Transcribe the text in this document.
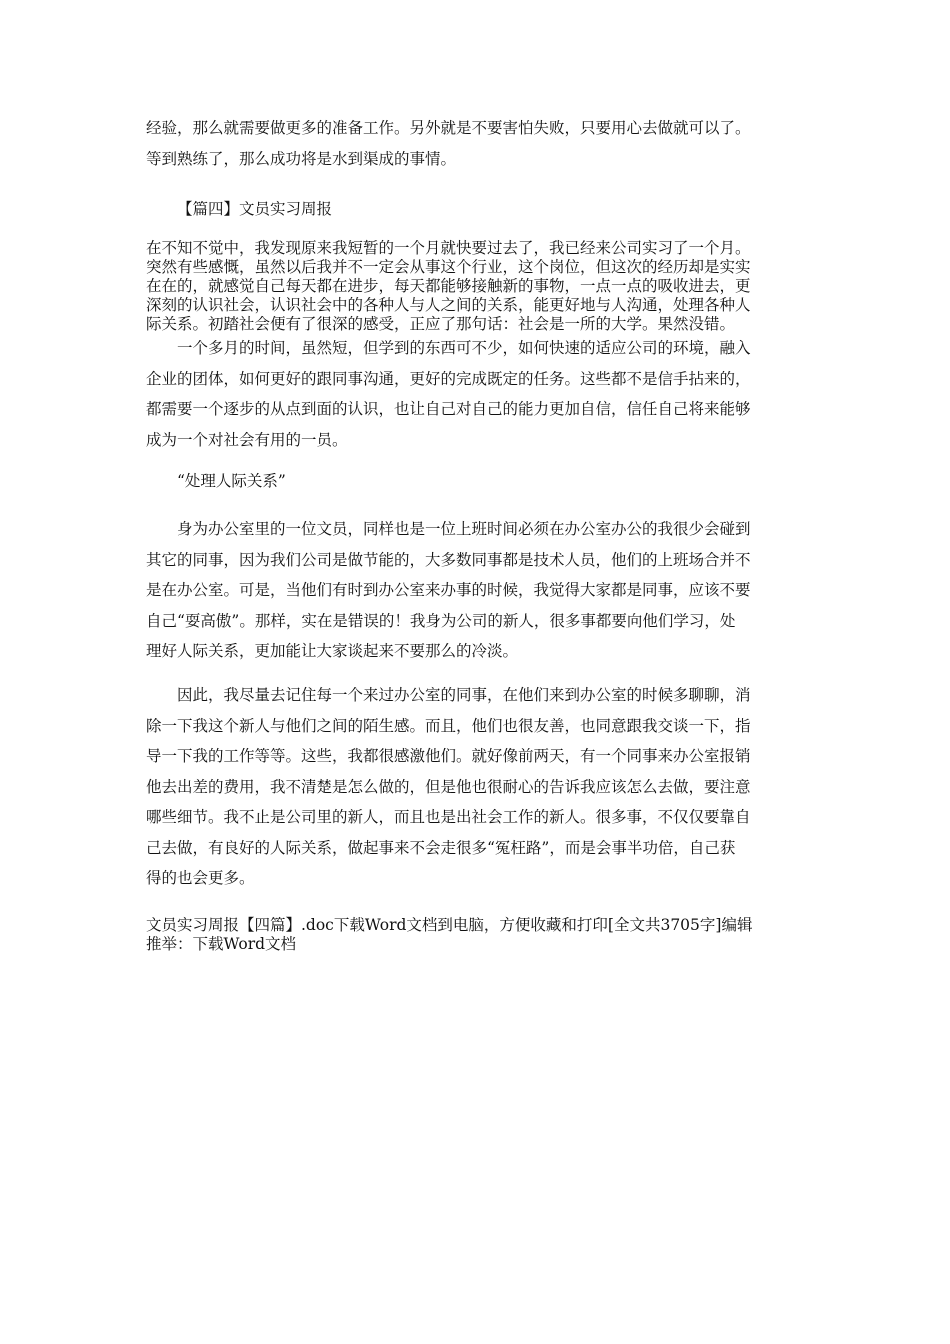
经验，那么就需要做更多的准备工作。另外就是不要害怕失败，只要用心去做就可以了。
等到熟练了，那么成功将是水到渠成的事情。
【篇四】文员实习周报
在不知不觉中，我发现原来我短暂的一个月就快要过去了，我已经来公司实习了一个月。
突然有些感慨，虽然以后我并不一定会从事这个行业，这个岗位，但这次的经历却是实实
在在的，就感觉自己每天都在进步，每天都能够接触新的事物，一点一点的吸收进去，更
深刻的认识社会，认识社会中的各种人与人之间的关系，能更好地与人沟通，处理各种人
际关系。初踏社会便有了很深的感受，正应了那句话：社会是一所的大学。果然没错。
一个多月的时间，虽然短，但学到的东西可不少，如何快速的适应公司的环境，融入
企业的团体，如何更好的跟同事沟通，更好的完成既定的任务。这些都不是信手拈来的，
都需要一个逐步的从点到面的认识，也让自己对自己的能力更加自信，信任自己将来能够
成为一个对社会有用的一员。
“处理人际关系”
身为办公室里的一位文员，同样也是一位上班时间必须在办公室办公的我很少会碰到
其它的同事，因为我们公司是做节能的，大多数同事都是技术人员，他们的上班场合并不
是在办公室。可是，当他们有时到办公室来办事的时候，我觉得大家都是同事，应该不要
自己“耍高傲”。那样，实在是错误的！我身为公司的新人，很多事都要向他们学习，处
理好人际关系，更加能让大家谈起来不要那么的冷淡。
因此，我尽量去记住每一个来过办公室的同事，在他们来到办公室的时候多聊聊，消
除一下我这个新人与他们之间的陌生感。而且，他们也很友善，也同意跟我交谈一下，指
导一下我的工作等等。这些，我都很感激他们。就好像前两天，有一个同事来办公室报销
他去出差的费用，我不清楚是怎么做的，但是他也很耐心的告诉我应该怎么去做，要注意
哪些细节。我不止是公司里的新人，而且也是出社会工作的新人。很多事，不仅仅要靠自
己去做，有良好的人际关系，做起事来不会走很多“冤枉路”，而是会事半功倍，自己获
得的也会更多。
文员实习周报【四篇】.doc下载Word文档到电脑，方便收藏和打印[全文共3705字]编辑
推举：下载Word文档
